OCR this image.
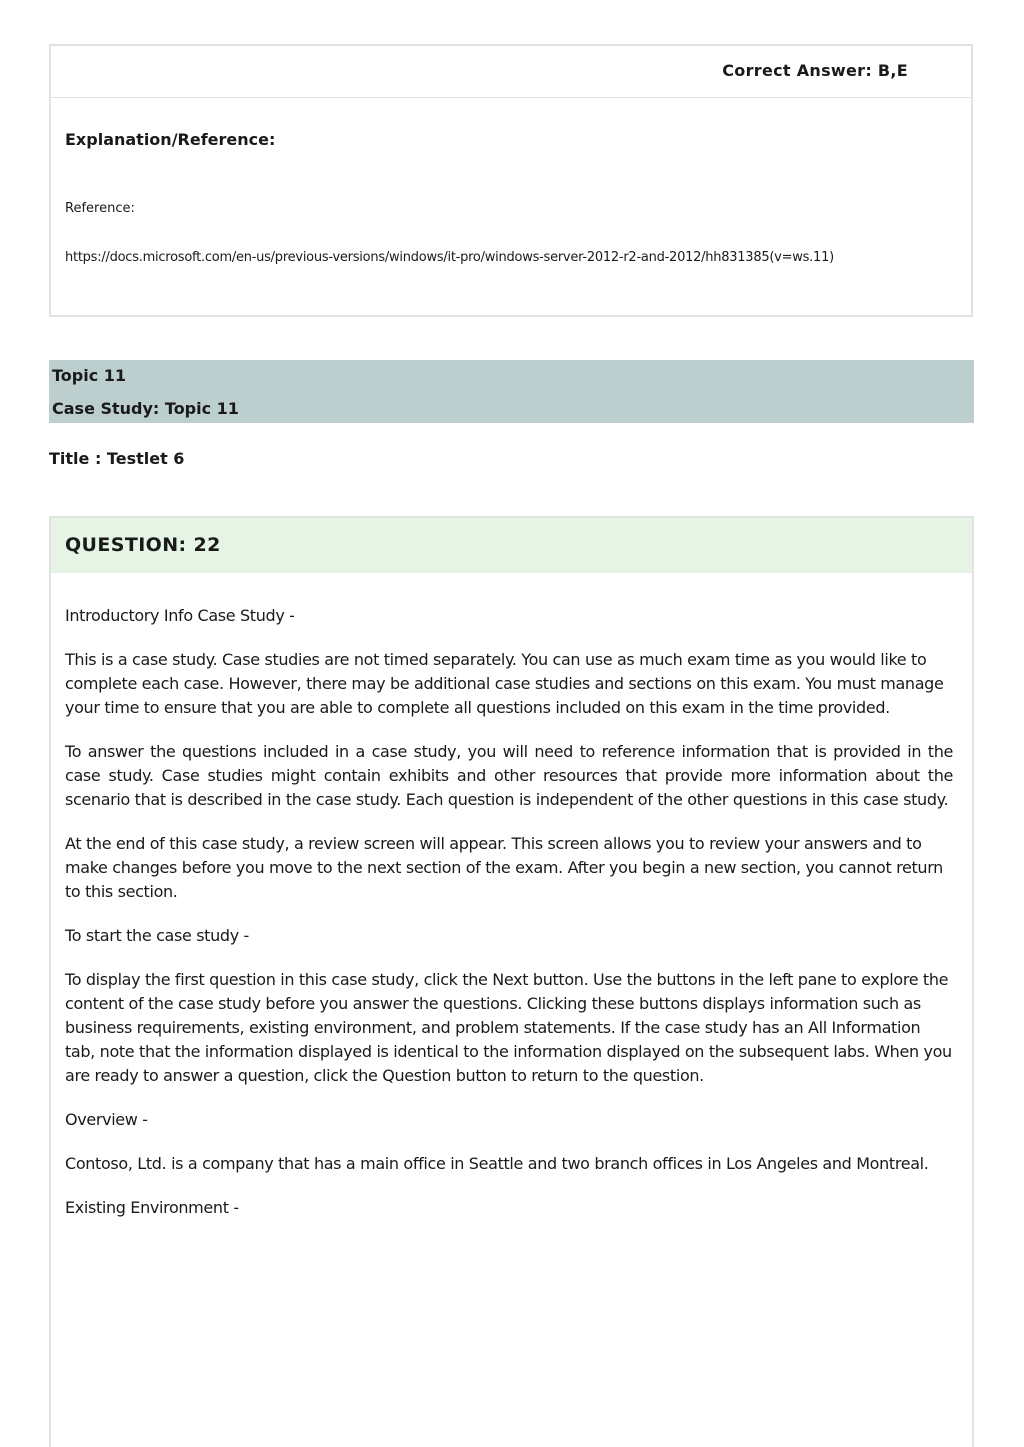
Correct Answer: B,E
Explanation/Reference:
Reference:
https://docs.microsoft.com/en-us/previous-versions/windows/it-pro/windows-server-2012-r2-and-2012/hh831385(v=ws.11)
Topic 11
Case Study: Topic 11
Title : Testlet 6
QUESTION: 22

Introductory Info Case Study -

This is a case study. Case studies are not timed separately. You can use as much exam time as you would like to complete each case. However, there may be additional case studies and sections on this exam. You must manage your time to ensure that you are able to complete all questions included on this exam in the time provided.

To answer the questions included in a case study, you will need to reference information that is provided in the case study. Case studies might contain exhibits and other resources that provide more information about the scenario that is described in the case study. Each question is independent of the other questions in this case study.

At the end of this case study, a review screen will appear. This screen allows you to review your answers and to make changes before you move to the next section of the exam. After you begin a new section, you cannot return to this section.

To start the case study -

To display the first question in this case study, click the Next button. Use the buttons in the left pane to explore the content of the case study before you answer the questions. Clicking these buttons displays information such as business requirements, existing environment, and problem statements. If the case study has an All Information tab, note that the information displayed is identical to the information displayed on the subsequent labs. When you are ready to answer a question, click the Question button to return to the question.

Overview -

Contoso, Ltd. is a company that has a main office in Seattle and two branch offices in Los Angeles and Montreal.

Existing Environment -
